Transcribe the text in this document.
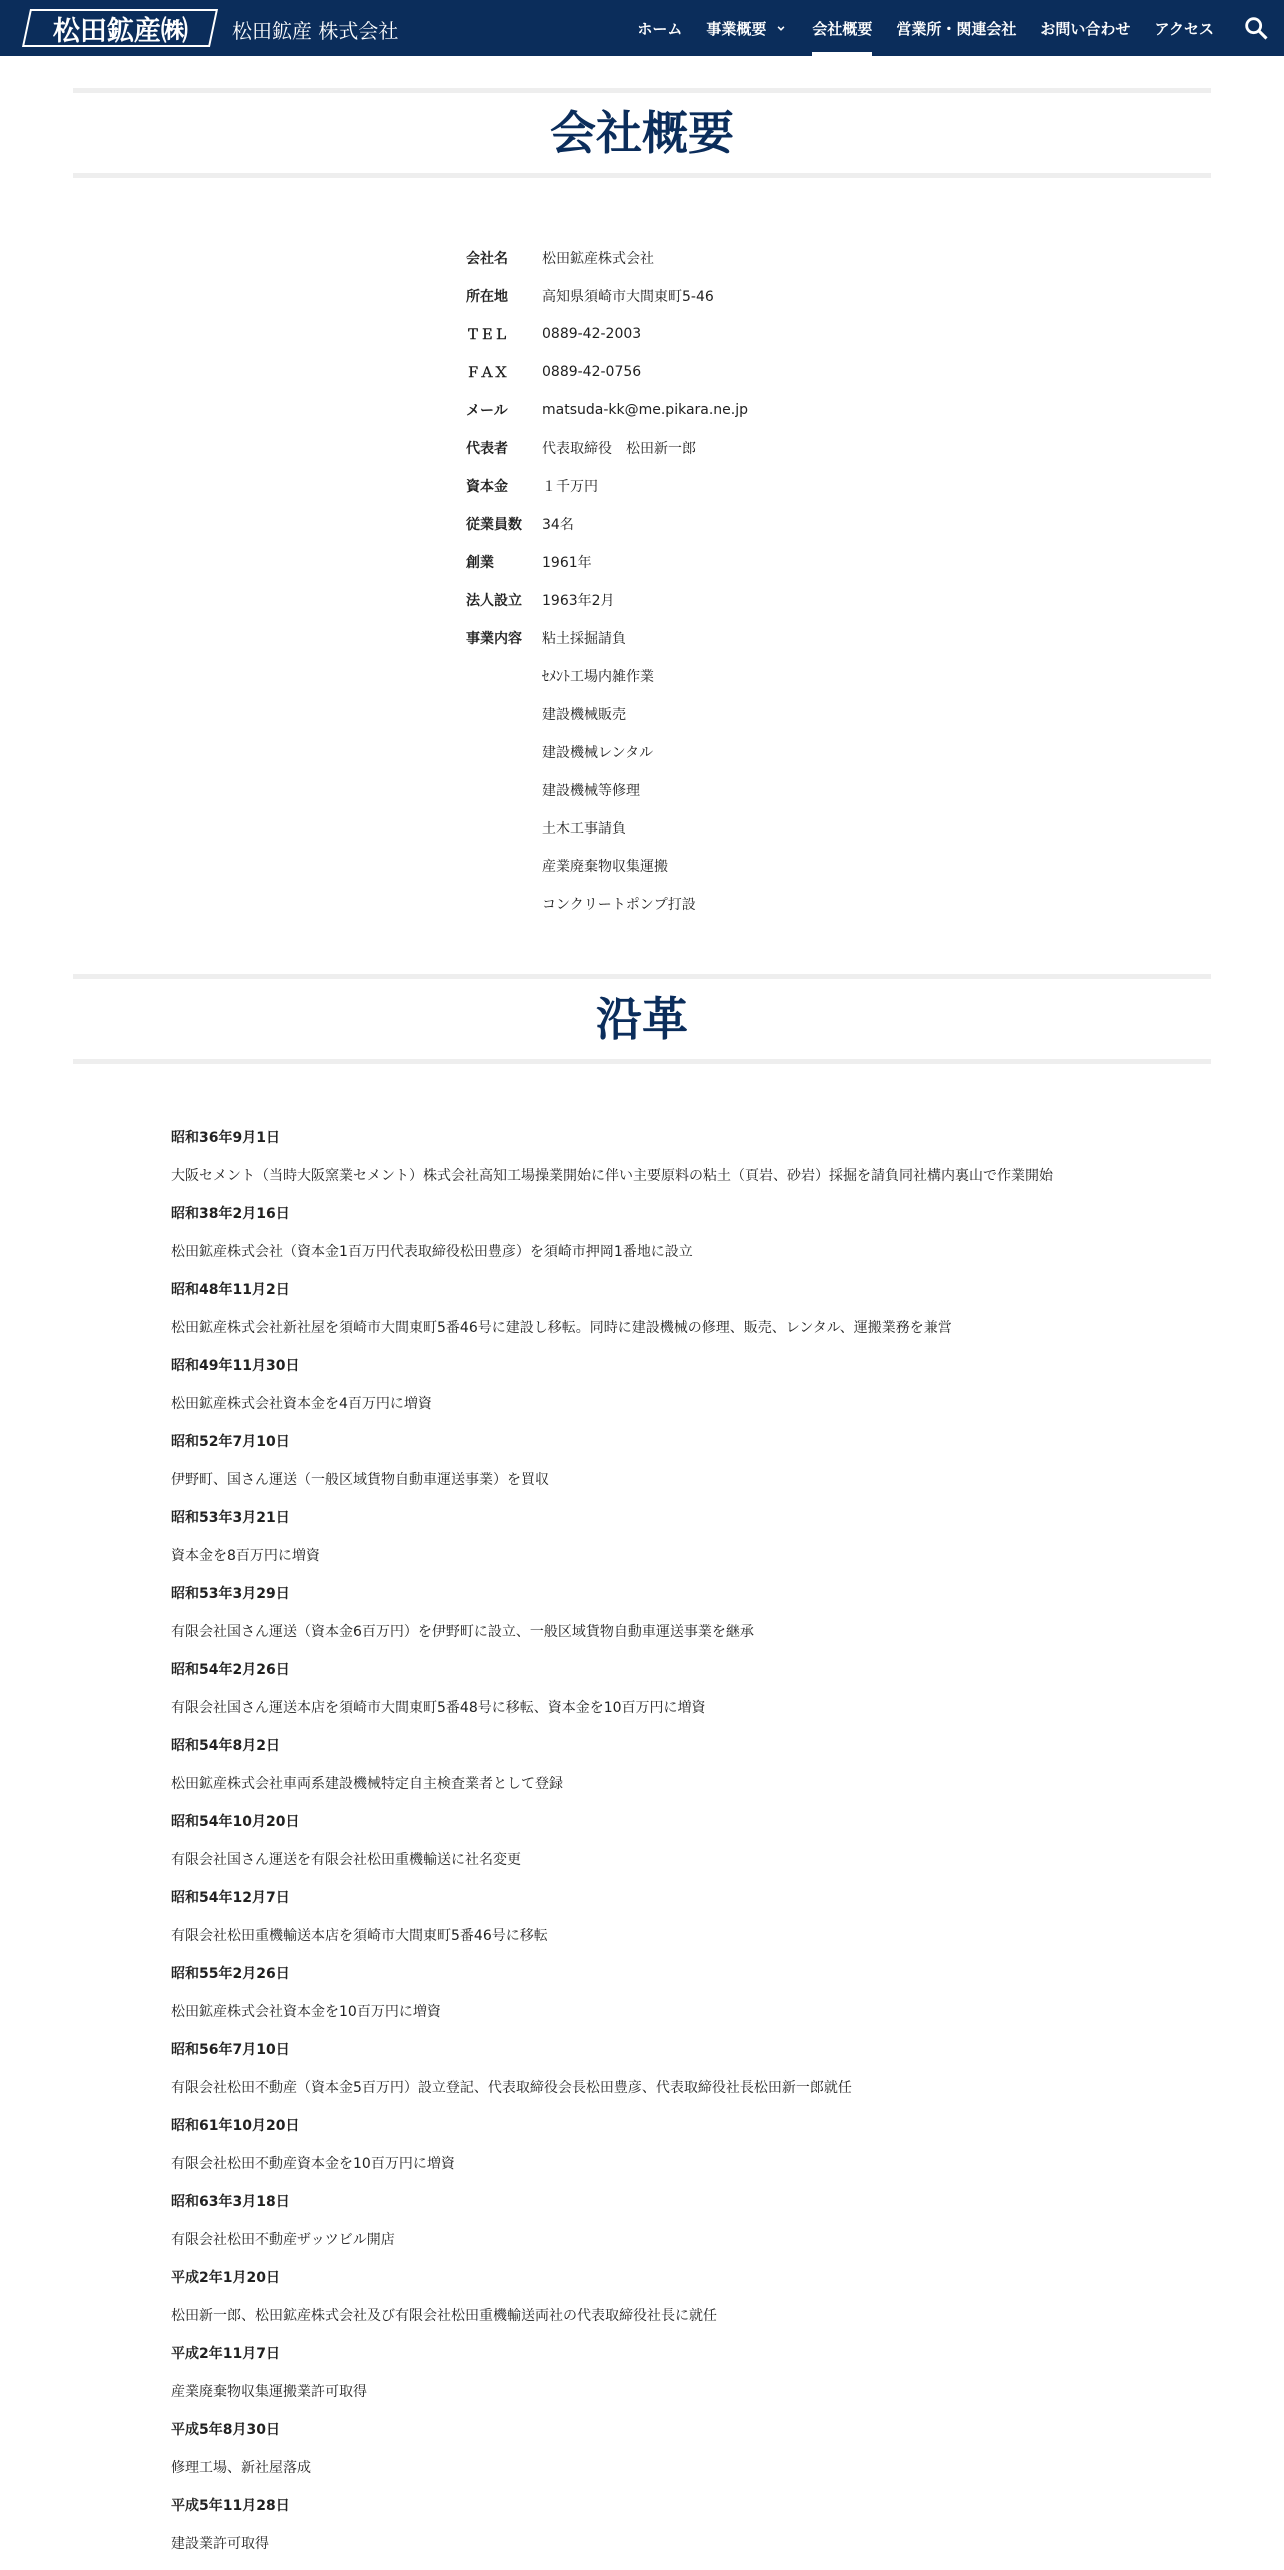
松田鉱産㈱ 松田鉱産 株式会社	ホーム 事業概要	会社概要 営業所・関連会社 お問い合わせ アクセス
会社概要
会社名	松田鉱産株式会社
所在地	高知県須崎市大間東町5-46
ＴＥＬ	0889-42-2003
ＦＡＸ	0889-42-0756
メール	matsuda-kk@me.pikara.ne.jp
代表者	代表取締役　松田新一郎
資本金	１千万円
従業員数	34名
創業	1961年
法人設立	1963年2月
事業内容	粘土採掘請負
	ｾﾒﾝﾄ工場内雑作業
	建設機械販売
	建設機械レンタル
	建設機械等修理
	土木工事請負
	産業廃棄物収集運搬
	コンクリートポンプ打設
沿革
昭和36年9月1日
大阪セメント（当時大阪窯業セメント）株式会社高知工場操業開始に伴い主要原料の粘土（頁岩、砂岩）採掘を請負同社構内裏山で作業開始
昭和38年2月16日
松田鉱産株式会社（資本金1百万円代表取締役松田豊彦）を須崎市押岡1番地に設立
昭和48年11月2日
松田鉱産株式会社新社屋を須崎市大間東町5番46号に建設し移転。同時に建設機械の修理、販売、レンタル、運搬業務を兼営
昭和49年11月30日
松田鉱産株式会社資本金を4百万円に増資
昭和52年7月10日
伊野町、国さん運送（一般区域貨物自動車運送事業）を買収
昭和53年3月21日
資本金を8百万円に増資
昭和53年3月29日
有限会社国さん運送（資本金6百万円）を伊野町に設立、一般区域貨物自動車運送事業を継承
昭和54年2月26日
有限会社国さん運送本店を須崎市大間東町5番48号に移転、資本金を10百万円に増資
昭和54年8月2日
松田鉱産株式会社車両系建設機械特定自主検査業者として登録
昭和54年10月20日
有限会社国さん運送を有限会社松田重機輸送に社名変更
昭和54年12月7日
有限会社松田重機輸送本店を須崎市大間東町5番46号に移転
昭和55年2月26日
松田鉱産株式会社資本金を10百万円に増資
昭和56年7月10日
有限会社松田不動産（資本金5百万円）設立登記、代表取締役会長松田豊彦、代表取締役社長松田新一郎就任
昭和61年10月20日
有限会社松田不動産資本金を10百万円に増資
昭和63年3月18日
有限会社松田不動産ザッツビル開店
平成2年1月20日
松田新一郎、松田鉱産株式会社及び有限会社松田重機輸送両社の代表取締役社長に就任
平成2年11月7日
産業廃棄物収集運搬業許可取得
平成5年8月30日
修理工場、新社屋落成
平成5年11月28日
建設業許可取得
